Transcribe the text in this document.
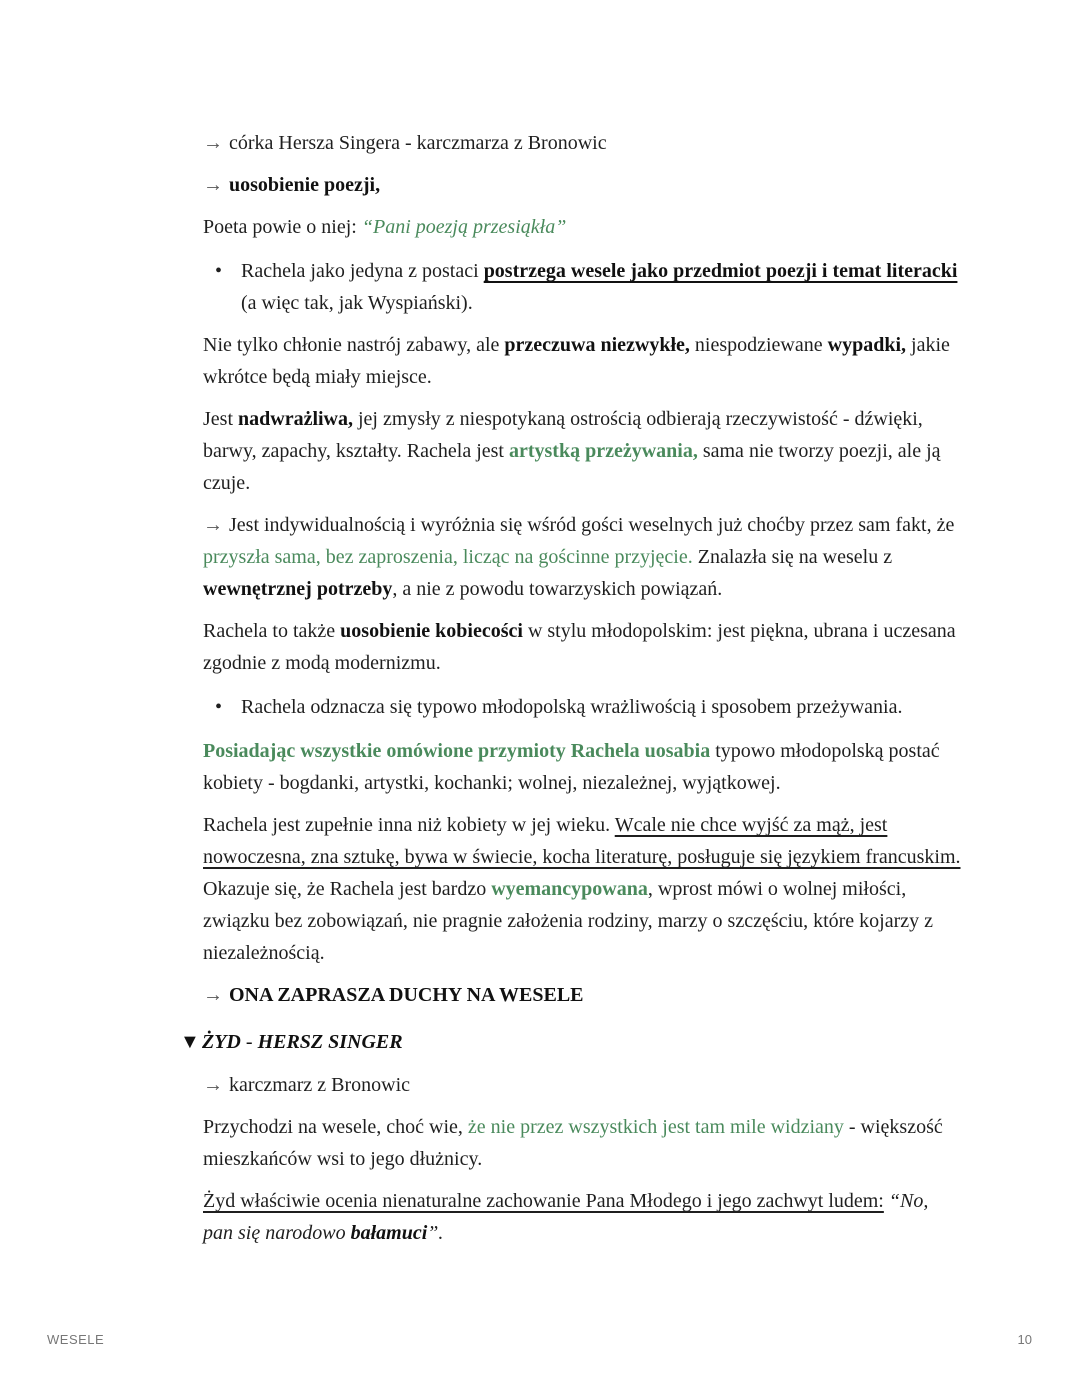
→ córka Hersza Singera - karczmarza z Bronowic

→ uosobienie poezji,

Poeta powie o niej: “Pani poezją przesiąkła”

• Rachela jako jedyna z postaci postrzega wesele jako przedmiot poezji i temat literacki (a więc tak, jak Wyspiański).

Nie tylko chłonie nastrój zabawy, ale przeczuwa niezwykłe, niespodziewane wypadki, jakie wkrótce będą miały miejsce.

Jest nadwrażliwa, jej zmysły z niespotykaną ostrością odbierają rzeczywistość - dźwięki, barwy, zapachy, kształty. Rachela jest artystką przeżywania, sama nie tworzy poezji, ale ją czuje.

→ Jest indywidualnością i wyróżnia się wśród gości weselnych już choćby przez sam fakt, że przyszła sama, bez zaproszenia, licząc na gościnne przyjęcie. Znalazła się na weselu z wewnętrznej potrzeby, a nie z powodu towarzyskich powiązań.

Rachela to także uosobienie kobiecości w stylu młodopolskim: jest piękna, ubrana i uczesana zgodnie z modą modernizmu.

• Rachela odznacza się typowo młodopolską wrażliwością i sposobem przeżywania.

Posiadając wszystkie omówione przymioty Rachela uosabia typowo młodopolską postać kobiety - bogdanki, artystki, kochanki; wolnej, niezależnej, wyjątkowej.

Rachela jest zupełnie inna niż kobiety w jej wieku. Wcale nie chce wyjść za mąż, jest nowoczesna, zna sztukę, bywa w świecie, kocha literaturę, posługuje się językiem francuskim. Okazuje się, że Rachela jest bardzo wyemancypowana, wprost mówi o wolnej miłości, związku bez zobowiązań, nie pragnie założenia rodziny, marzy o szczęściu, które kojarzy z niezależnością.

→ ONA ZAPRASZA DUCHY NA WESELE

▼ ŻYD - HERSZ SINGER

→ karczmarz z Bronowic

Przychodzi na wesele, choć wie, że nie przez wszystkich jest tam mile widziany - większość mieszkańców wsi to jego dłużnicy.

Żyd właściwie ocenia nienaturalne zachowanie Pana Młodego i jego zachwyt ludem: “No, pan się narodowo bałamuci”.

WESELE	10
